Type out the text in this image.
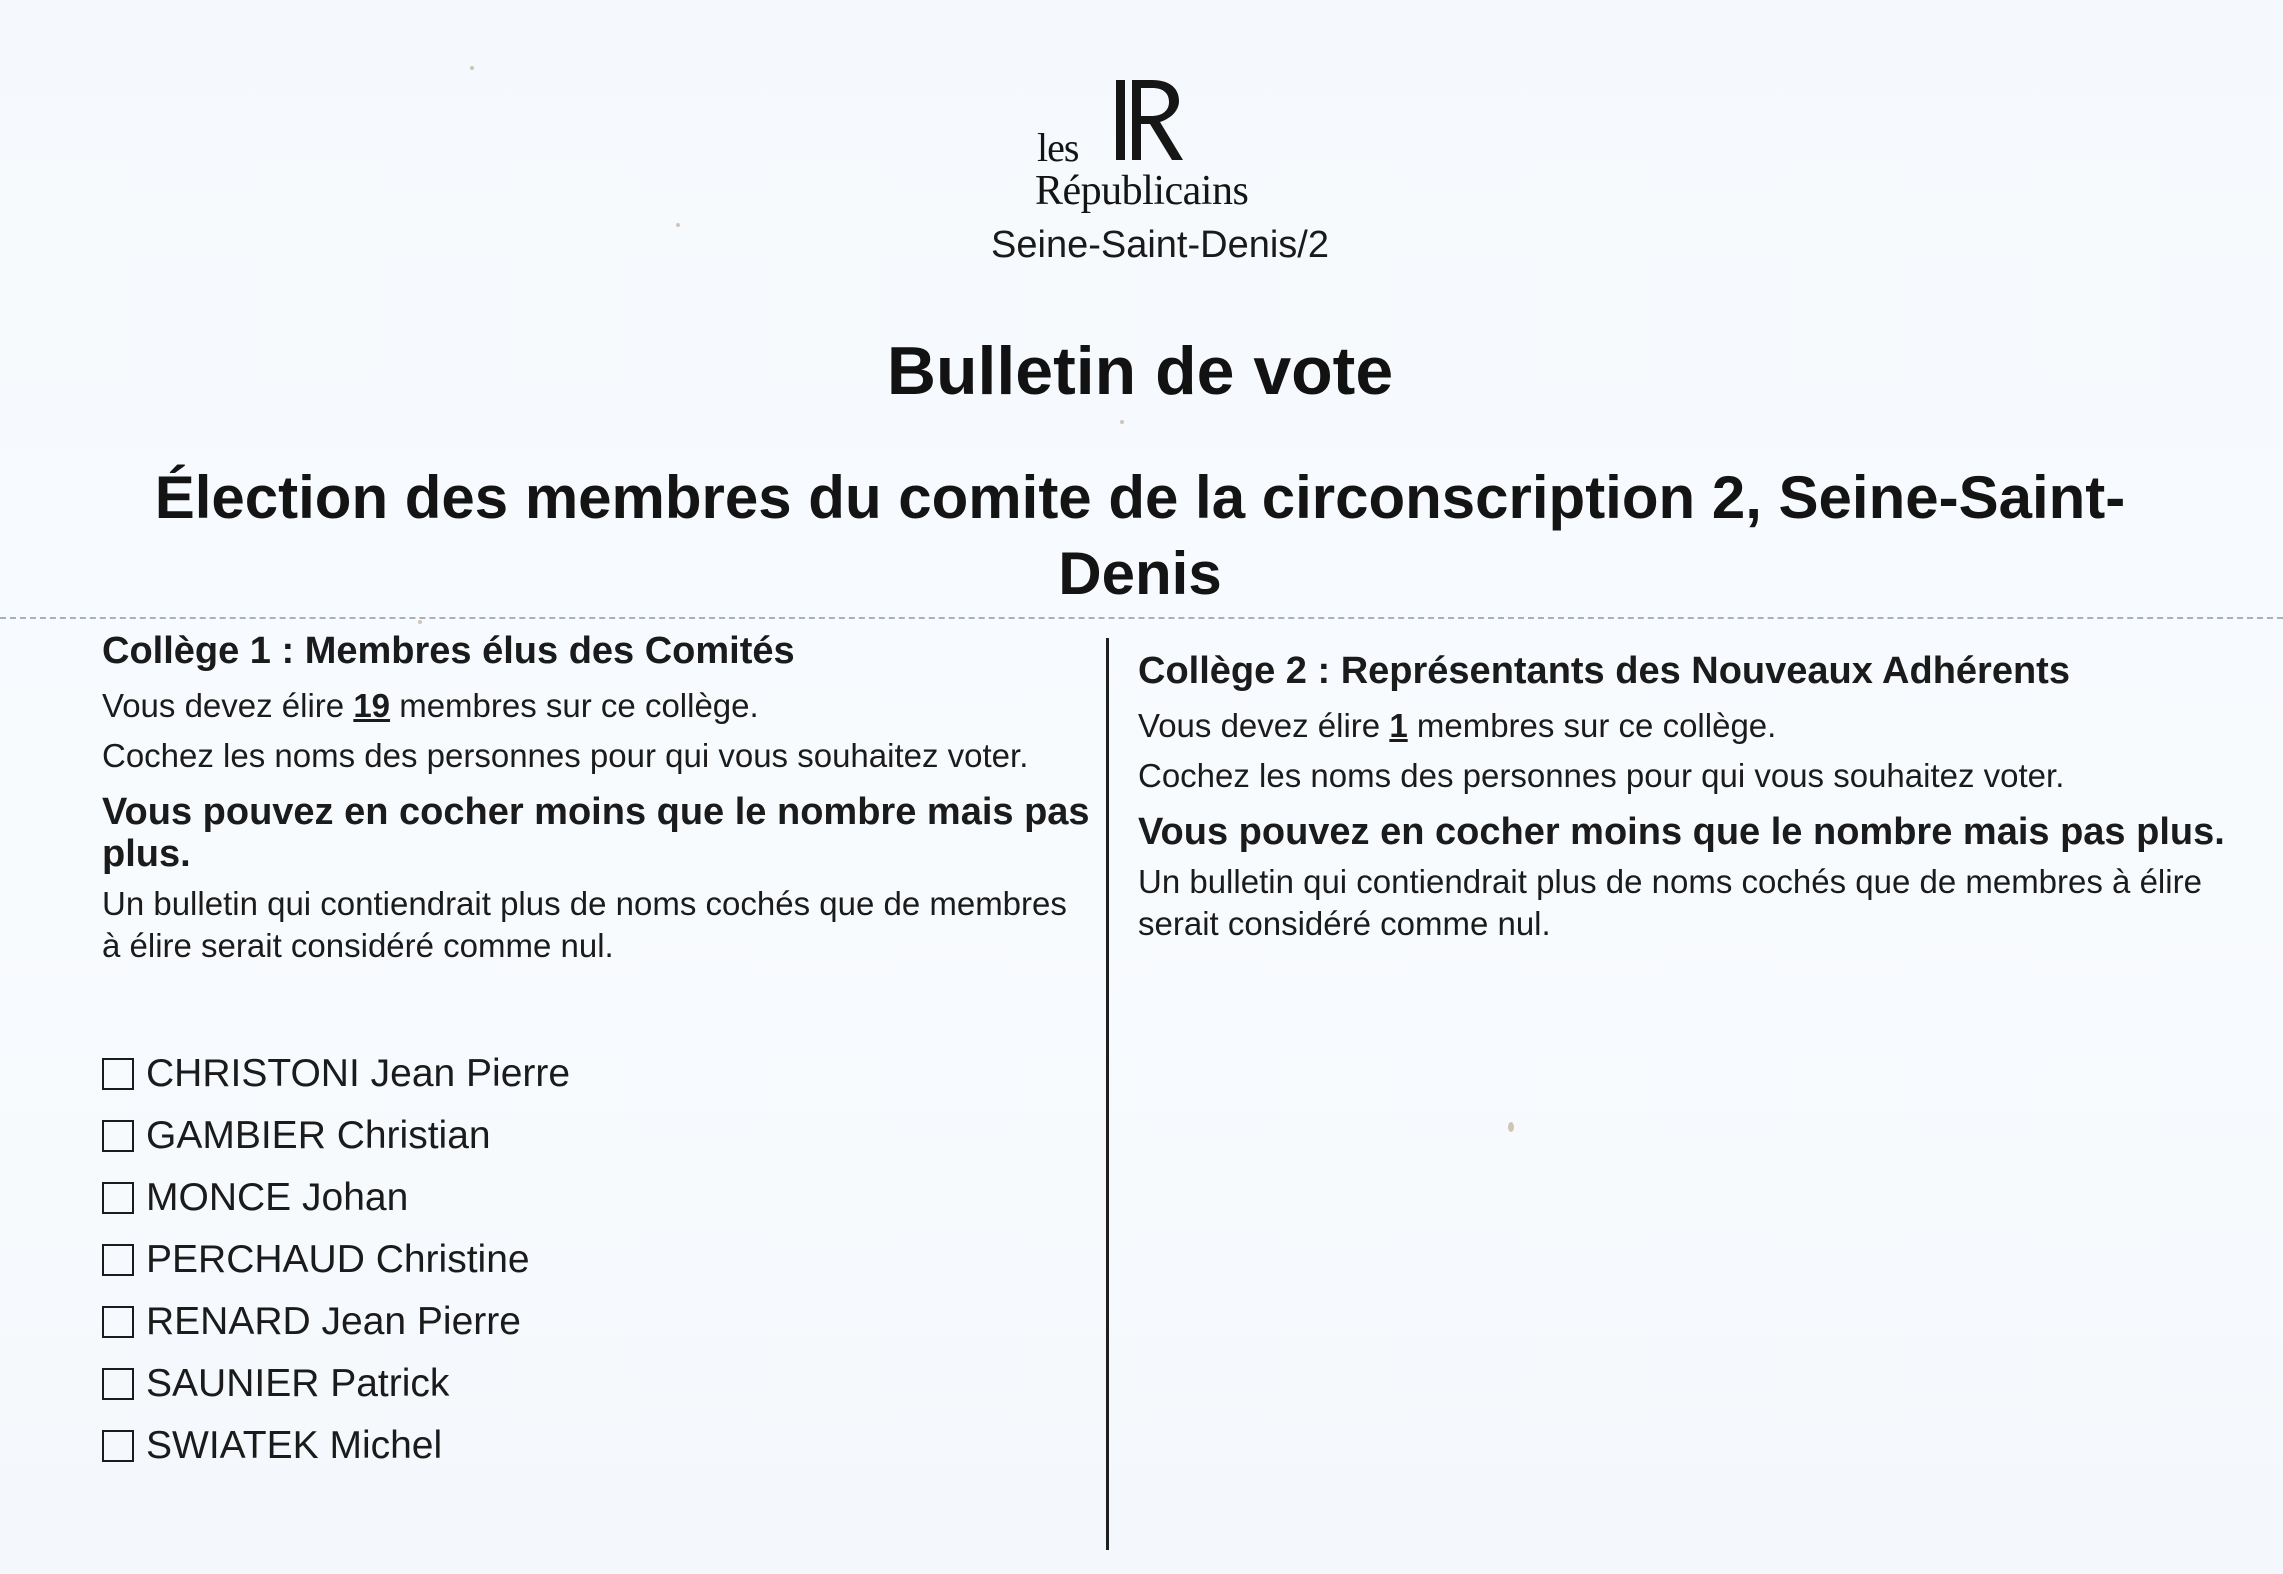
les
Républicains
Seine-Saint-Denis/2
Bulletin de vote
Élection des membres du comite de la circonscription 2, Seine-Saint-Denis
Collège 1 : Membres élus des Comités

Vous devez élire 19 membres sur ce collège.

Cochez les noms des personnes pour qui vous souhaitez voter.

Vous pouvez en cocher moins que le nombre mais pas plus.

Un bulletin qui contiendrait plus de noms cochés que de membres à élire serait considéré comme nul.

CHRISTONI Jean Pierre
GAMBIER Christian
MONCE Johan
PERCHAUD Christine
RENARD Jean Pierre
SAUNIER Patrick
SWIATEK Michel
Collège 2 : Représentants des Nouveaux Adhérents

Vous devez élire 1 membres sur ce collège.

Cochez les noms des personnes pour qui vous souhaitez voter.

Vous pouvez en cocher moins que le nombre mais pas plus.

Un bulletin qui contiendrait plus de noms cochés que de membres à élire serait considéré comme nul.
